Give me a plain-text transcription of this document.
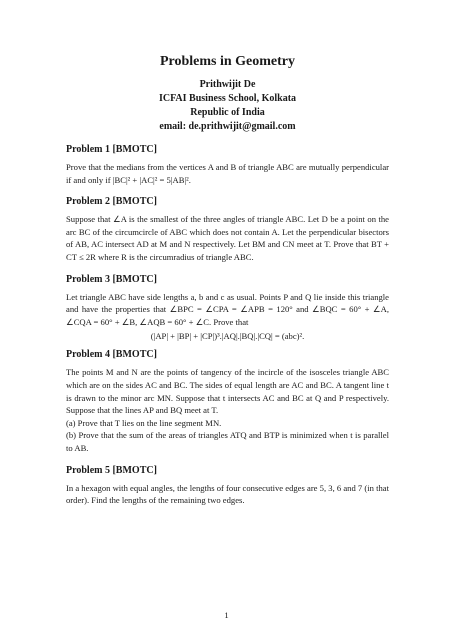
Problems in Geometry
Prithwijit De
ICFAI Business School, Kolkata
Republic of India
email: de.prithwijit@gmail.com
Problem 1 [BMOTC]
Prove that the medians from the vertices A and B of triangle ABC are mutually perpendicular if and only if |BC|² + |AC|² = 5|AB|².
Problem 2 [BMOTC]
Suppose that ∠A is the smallest of the three angles of triangle ABC. Let D be a point on the arc BC of the circumcircle of ABC which does not contain A. Let the perpendicular bisectors of AB, AC intersect AD at M and N respectively. Let BM and CN meet at T. Prove that BT + CT ≤ 2R where R is the circumradius of triangle ABC.
Problem 3 [BMOTC]
Let triangle ABC have side lengths a, b and c as usual. Points P and Q lie inside this triangle and have the properties that ∠BPC = ∠CPA = ∠APB = 120° and ∠BQC = 60° + ∠A, ∠CQA = 60° + ∠B, ∠AQB = 60° + ∠C. Prove that
(|AP| + |BP| + |CP|)³.|AQ|.|BQ|.|CQ| = (abc)².
Problem 4 [BMOTC]
The points M and N are the points of tangency of the incircle of the isosceles triangle ABC which are on the sides AC and BC. The sides of equal length are AC and BC. A tangent line t is drawn to the minor arc MN. Suppose that t intersects AC and BC at Q and P respectively. Suppose that the lines AP and BQ meet at T.
(a) Prove that T lies on the line segment MN.
(b) Prove that the sum of the areas of triangles ATQ and BTP is minimized when t is parallel to AB.
Problem 5 [BMOTC]
In a hexagon with equal angles, the lengths of four consecutive edges are 5, 3, 6 and 7 (in that order). Find the lengths of the remaining two edges.
1
